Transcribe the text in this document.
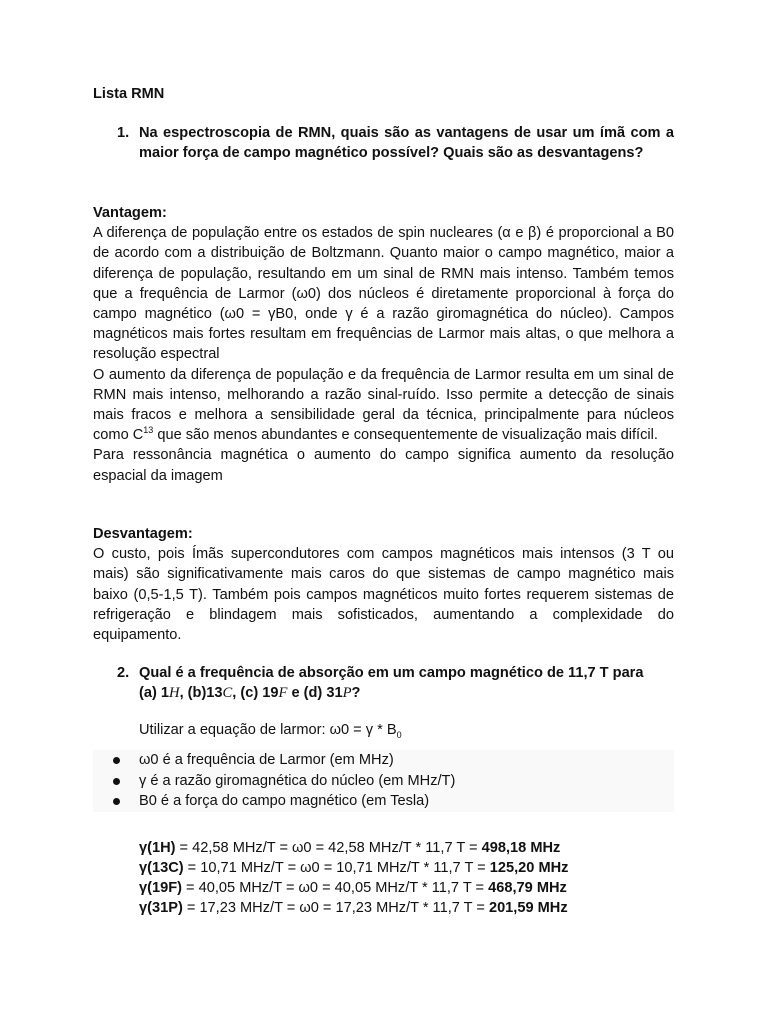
Lista RMN
1. Na espectroscopia de RMN, quais são as vantagens de usar um ímã com a maior força de campo magnético possível? Quais são as desvantagens?
Vantagem:

A diferença de população entre os estados de spin nucleares (α e β) é proporcional a B0 de acordo com a distribuição de Boltzmann. Quanto maior o campo magnético, maior a diferença de população, resultando em um sinal de RMN mais intenso. Também temos que a frequência de Larmor (ω0) dos núcleos é diretamente proporcional à força do campo magnético (ω0 = γB0, onde γ é a razão giromagnética do núcleo). Campos magnéticos mais fortes resultam em frequências de Larmor mais altas, o que melhora a resolução espectral

O aumento da diferença de população e da frequência de Larmor resulta em um sinal de RMN mais intenso, melhorando a razão sinal-ruído. Isso permite a detecção de sinais mais fracos e melhora a sensibilidade geral da técnica, principalmente para núcleos como $C^{13}$ que são menos abundantes e consequentemente de visualização mais difícil.

Para ressonância magnética o aumento do campo significa aumento da resolução espacial da imagem

Desvantagem:

O custo, pois Ímãs supercondutores com campos magnéticos mais intensos (3 T ou mais) são significativamente mais caros do que sistemas de campo magnético mais baixo (0,5-1,5 T). Também pois campos magnéticos muito fortes requerem sistemas de refrigeração e blindagem mais sofisticados, aumentando a complexidade do equipamento.

2. Qual é a frequência de absorção em um campo magnético de 11,7 T para
(a) 1H, (b)13C, (c) 19F e (d) 31P?
Utilizar a equação de larmor: $\omega 0 = \gamma * B_0$
ω0 é a frequência de Larmor (em MHz)
γ é a razão giromagnética do núcleo (em MHz/T)
B0 é a força do campo magnético (em Tesla)
γ(1H) = 42,58 MHz/T = ω0 = 42,58 MHz/T * 11,7 T = 498,18 MHz
γ(13C) = 10,71 MHz/T = ω0 = 10,71 MHz/T * 11,7 T = 125,20 MHz
γ(19F) = 40,05 MHz/T = ω0 = 40,05 MHz/T * 11,7 T = 468,79 MHz
γ(31P) = 17,23 MHz/T = ω0 = 17,23 MHz/T * 11,7 T = 201,59 MHz
